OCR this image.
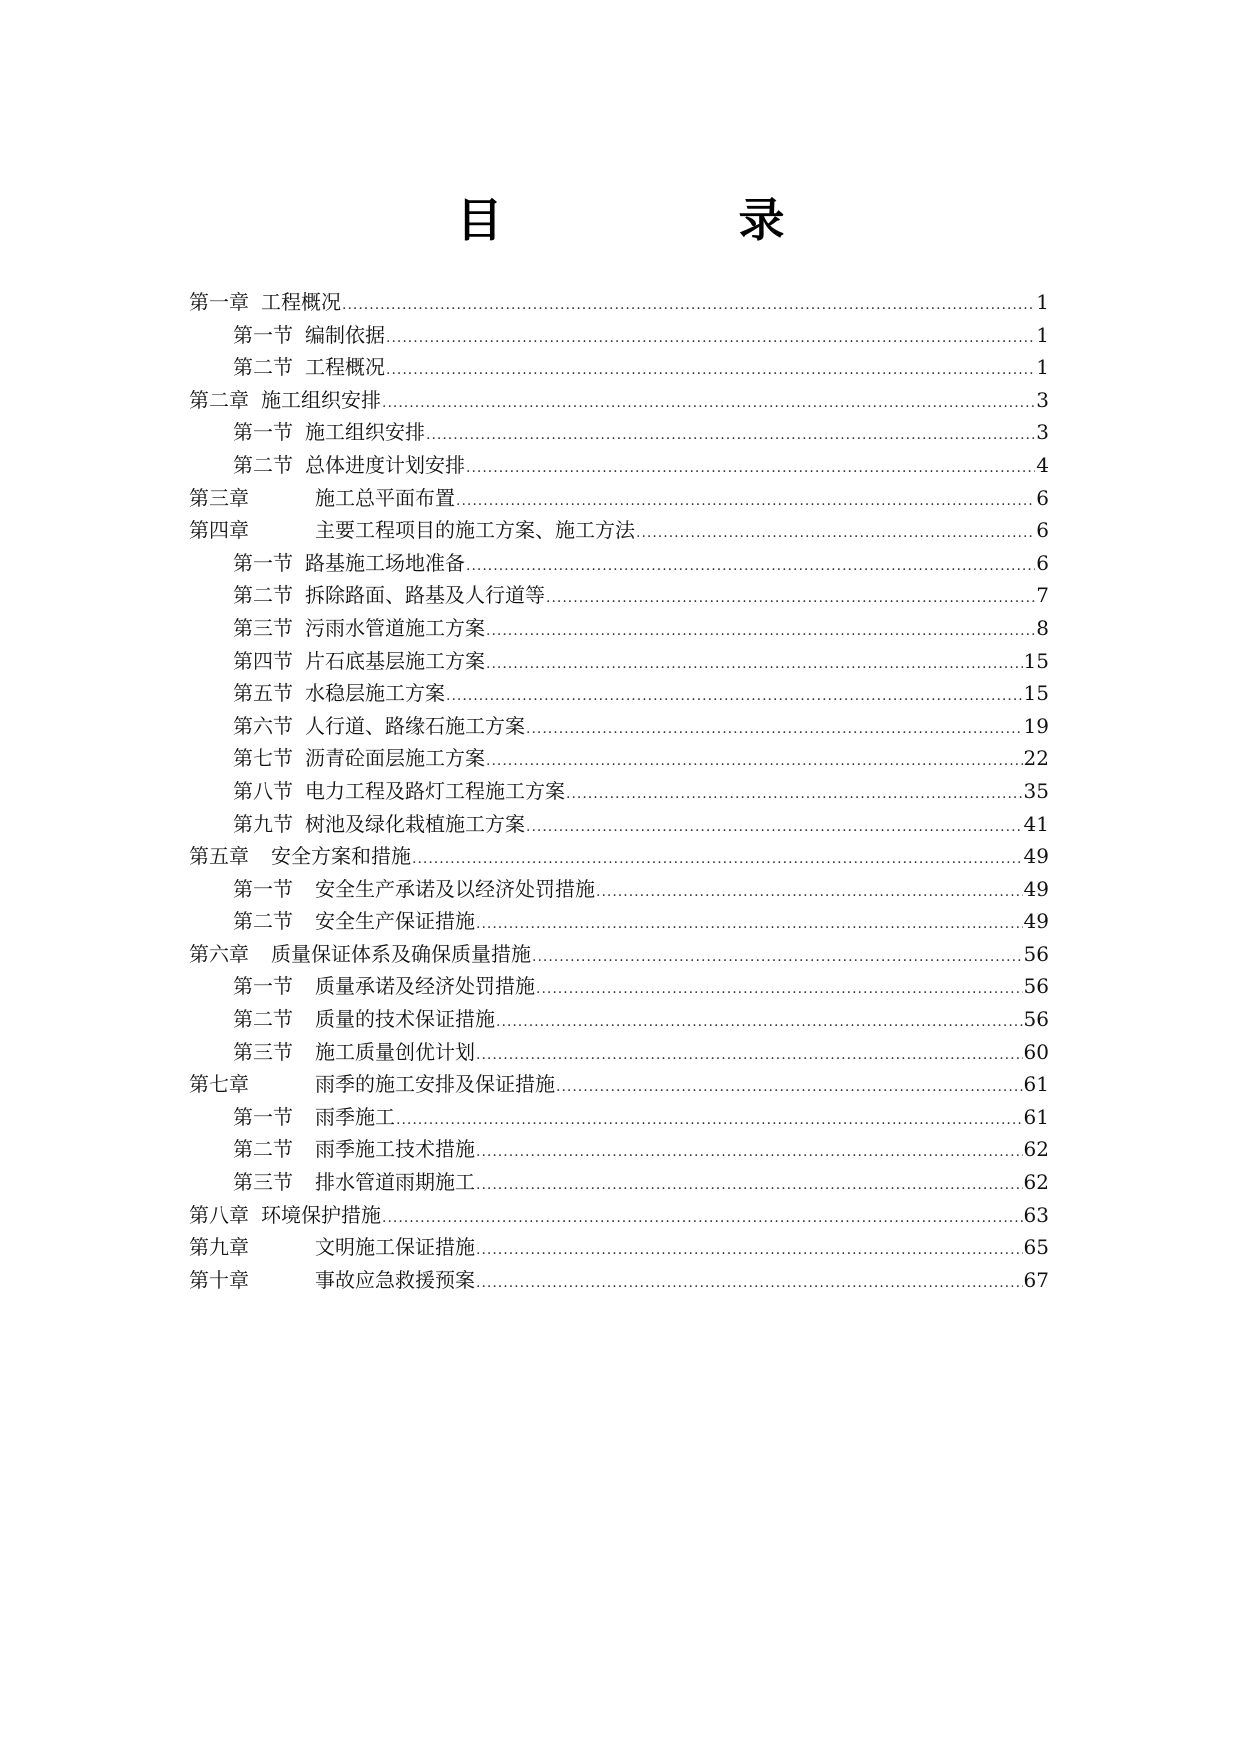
目 录
第一章 工程概况 .....	1
第一节 编制依据 .....	1
第二节 工程概况 .....	1
第二章 施工组织安排 .....	3
第一节 施工组织安排 .....	3
第二节 总体进度计划安排 .....	4
第三章	施工总平面布置 .....	6
第四章	主要工程项目的施工方案、施工方法 .....	6
第一节 路基施工场地准备 .....	6
第二节 拆除路面、路基及人行道等 .....	7
第三节 污雨水管道施工方案 .....	8
第四节 片石底基层施工方案 .....	15
第五节 水稳层施工方案 .....	15
第六节 人行道、路缘石施工方案 .....	19
第七节 沥青砼面层施工方案 .....	22
第八节 电力工程及路灯工程施工方案 .....	35
第九节 树池及绿化栽植施工方案 .....	41
第五章 安全方案和措施 .....	49
第一节 安全生产承诺及以经济处罚措施 .....	49
第二节 安全生产保证措施 .....	49
第六章 质量保证体系及确保质量措施 .....	56
第一节 质量承诺及经济处罚措施 .....	56
第二节 质量的技术保证措施 .....	56
第三节 施工质量创优计划 .....	60
第七章	雨季的施工安排及保证措施 .....	61
第一节 雨季施工 .....	61
第二节 雨季施工技术措施 .....	62
第三节 排水管道雨期施工 .....	62
第八章 环境保护措施 .....	63
第九章	文明施工保证措施 .....	65
第十章	事故应急救援预案 .....	67
